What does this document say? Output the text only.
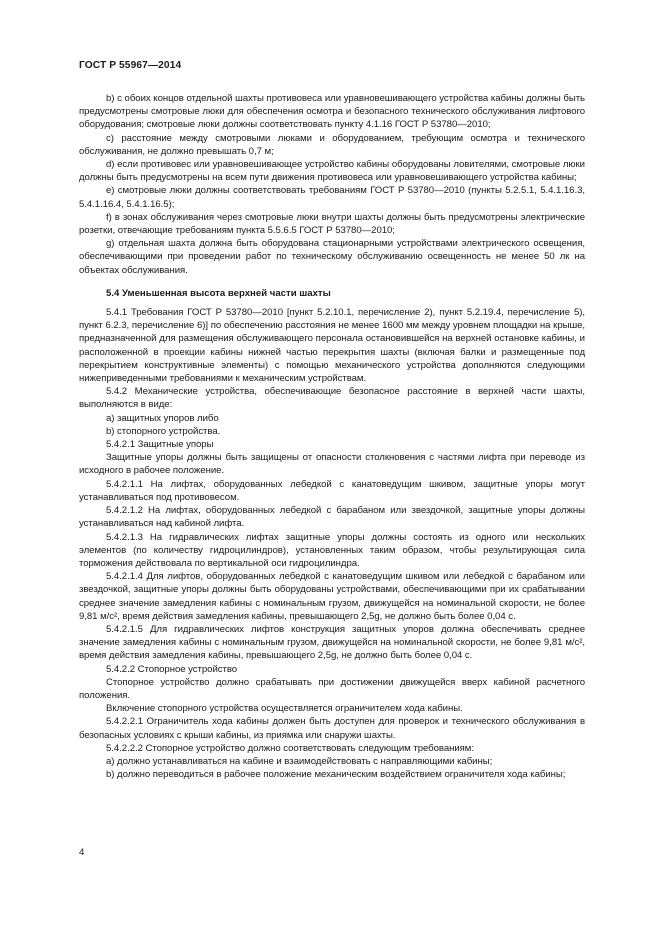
ГОСТ Р 55967—2014

b) с обоих концов отдельной шахты противовеса или уравновешивающего устройства кабины должны быть предусмотрены смотровые люки для обеспечения осмотра и безопасного технического обслуживания лифтового оборудования; смотровые люки должны соответствовать пункту 4.1.16 ГОСТ Р 53780—2010;

c) расстояние между смотровыми люками и оборудованием, требующим осмотра и технического обслуживания, не должно превышать 0,7 м;

d) если противовес или уравновешивающее устройство кабины оборудованы ловителями, смотровые люки должны быть предусмотрены на всем пути движения противовеса или уравновешивающего устройства кабины;

e) смотровые люки должны соответствовать требованиям ГОСТ Р 53780—2010 (пункты 5.2.5.1, 5.4.1.16.3, 5.4.1.16.4, 5.4.1.16.5);

f) в зонах обслуживания через смотровые люки внутри шахты должны быть предусмотрены электрические розетки, отвечающие требованиям пункта 5.5.6.5 ГОСТ Р 53780—2010;

g) отдельная шахта должна быть оборудована стационарными устройствами электрического освещения, обеспечивающими при проведении работ по техническому обслуживанию освещенность не менее 50 лк на объектах обслуживания.

5.4 Уменьшенная высота верхней части шахты

5.4.1 Требования ГОСТ Р 53780—2010 [пункт 5.2.10.1, перечисление 2), пункт 5.2.19.4, перечисление 5), пункт 6.2.3, перечисление 6)] по обеспечению расстояния не менее 1600 мм между уровнем площадки на крыше, предназначенной для размещения обслуживающего персонала остановившейся на верхней остановке кабины, и расположенной в проекции кабины нижней частью перекрытия шахты (включая балки и размещенные под перекрытием конструктивные элементы) с помощью механического устройства дополняются следующими нижеприведенными требованиями к механическим устройствам.

5.4.2 Механические устройства, обеспечивающие безопасное расстояние в верхней части шахты, выполняются в виде:

a) защитных упоров либо

b) стопорного устройства.

5.4.2.1 Защитные упоры

Защитные упоры должны быть защищены от опасности столкновения с частями лифта при переводе из исходного в рабочее положение.

5.4.2.1.1 На лифтах, оборудованных лебедкой с канатоведущим шкивом, защитные упоры могут устанавливаться под противовесом.

5.4.2.1.2 На лифтах, оборудованных лебедкой с барабаном или звездочкой, защитные упоры должны устанавливаться над кабиной лифта.

5.4.2.1.3 На гидравлических лифтах защитные упоры должны состоять из одного или нескольких элементов (по количеству гидроцилиндров), установленных таким образом, чтобы результирующая сила торможения действовала по вертикальной оси гидроцилиндра.

5.4.2.1.4 Для лифтов, оборудованных лебедкой с канатоведущим шкивом или лебедкой с барабаном или звездочкой, защитные упоры должны быть оборудованы устройствами, обеспечивающими при их срабатывании среднее значение замедления кабины с номинальным грузом, движущейся на номинальной скорости, не более 9,81 м/с², время действия замедления кабины, превышающего 2,5g, не должно быть более 0,04 с.

5.4.2.1.5 Для гидравлических лифтов конструкция защитных упоров должна обеспечивать среднее значение замедления кабины с номинальным грузом, движущейся на номинальной скорости, не более 9,81 м/с², время действия замедления кабины, превышающего 2,5g, не должно быть более 0,04 с.

5.4.2.2 Стопорное устройство

Стопорное устройство должно срабатывать при достижении движущейся вверх кабиной расчетного положения.

Включение стопорного устройства осуществляется ограничителем хода кабины.

5.4.2.2.1 Ограничитель хода кабины должен быть доступен для проверок и технического обслуживания в безопасных условиях с крыши кабины, из приямка или снаружи шахты.

5.4.2.2.2 Стопорное устройство должно соответствовать следующим требованиям:

a) должно устанавливаться на кабине и взаимодействовать с направляющими кабины;

b) должно переводиться в рабочее положение механическим воздействием ограничителя хода кабины;

4
